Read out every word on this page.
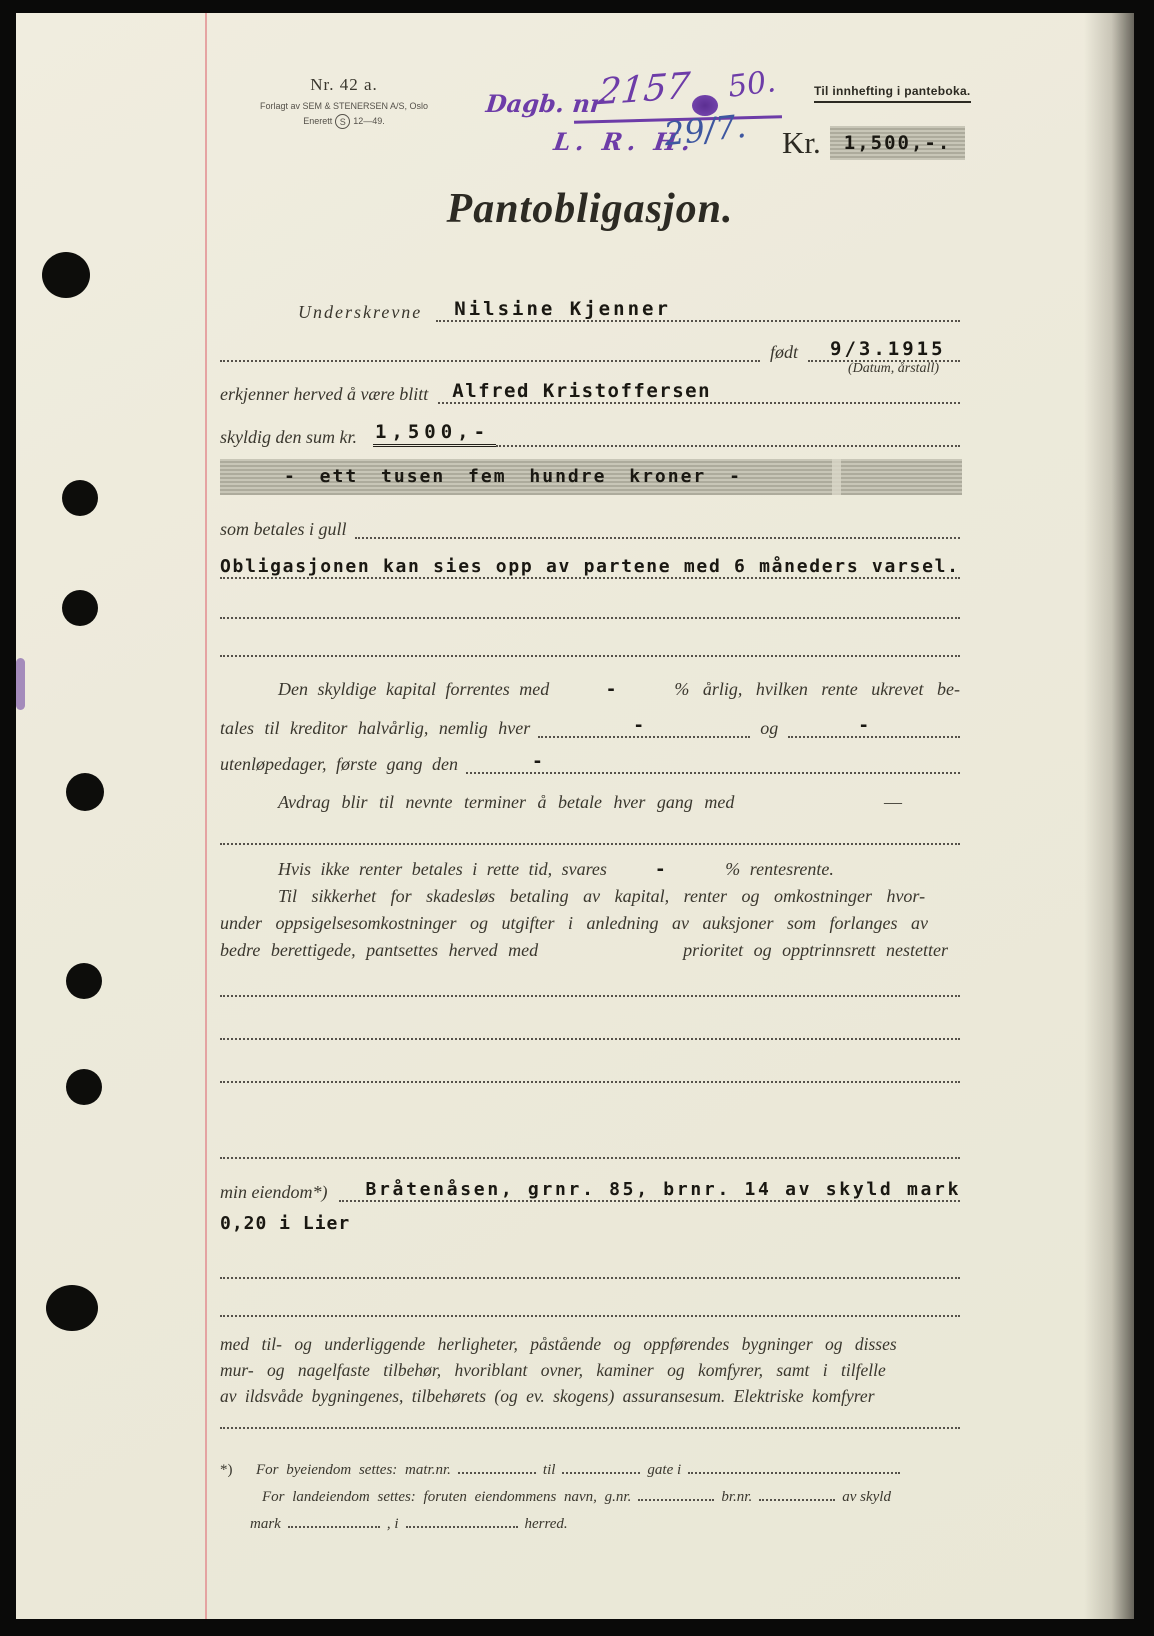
Nr. 42 a.
Forlagt av SEM & STENERSEN A/S, Oslo
Enerett S 12—49.
Dagb. nr
2157 50.
L. R. H.
29/7.
Til innhefting i panteboka.
Kr.	1,500,-.
Pantobligasjon.
Underskrevne Nilsine Kjenner
født 9/3.1915
(Datum, årstall)
erkjenner herved å være blitt Alfred Kristoffersen
skyldig den sum kr. 1,500,-
- ett tusen fem hundre kroner -
som betales i gull
Obligasjonen kan sies opp av partene med 6 måneders varsel.
Den skyldige kapital forrentes med	-	% årlig, hvilken rente ukrevet be-
tales til kreditor halvårlig, nemlig hver	-	og	-
utenløpedager, første gang den	-
Avdrag blir til nevnte terminer å betale hver gang med	—
Hvis ikke renter betales i rette tid, svares	-	% rentesrente.
Til sikkerhet for skadesløs betaling av kapital, renter og omkostninger hvor-
under oppsigelsesomkostninger og utgifter i anledning av auksjoner som forlanges av
bedre berettigede, pantsettes herved med	prioritet og opptrinnsrett nestetter
min eiendom*) Bråtenåsen, grnr. 85, brnr. 14 av skyld mark
0,20 i Lier
med til- og underliggende herligheter, påstående og oppførendes bygninger og disses
mur- og nagelfaste tilbehør, hvoriblant ovner, kaminer og komfyrer, samt i tilfelle
av ildsvåde bygningenes, tilbehørets (og ev. skogens) assuransesum. Elektriske komfyrer
*)	For byeiendom settes: matr.nr.	til	gate i
For landeiendom settes: foruten eiendommens navn, g.nr.	br.nr.	av skyld
mark	, i	herred.
